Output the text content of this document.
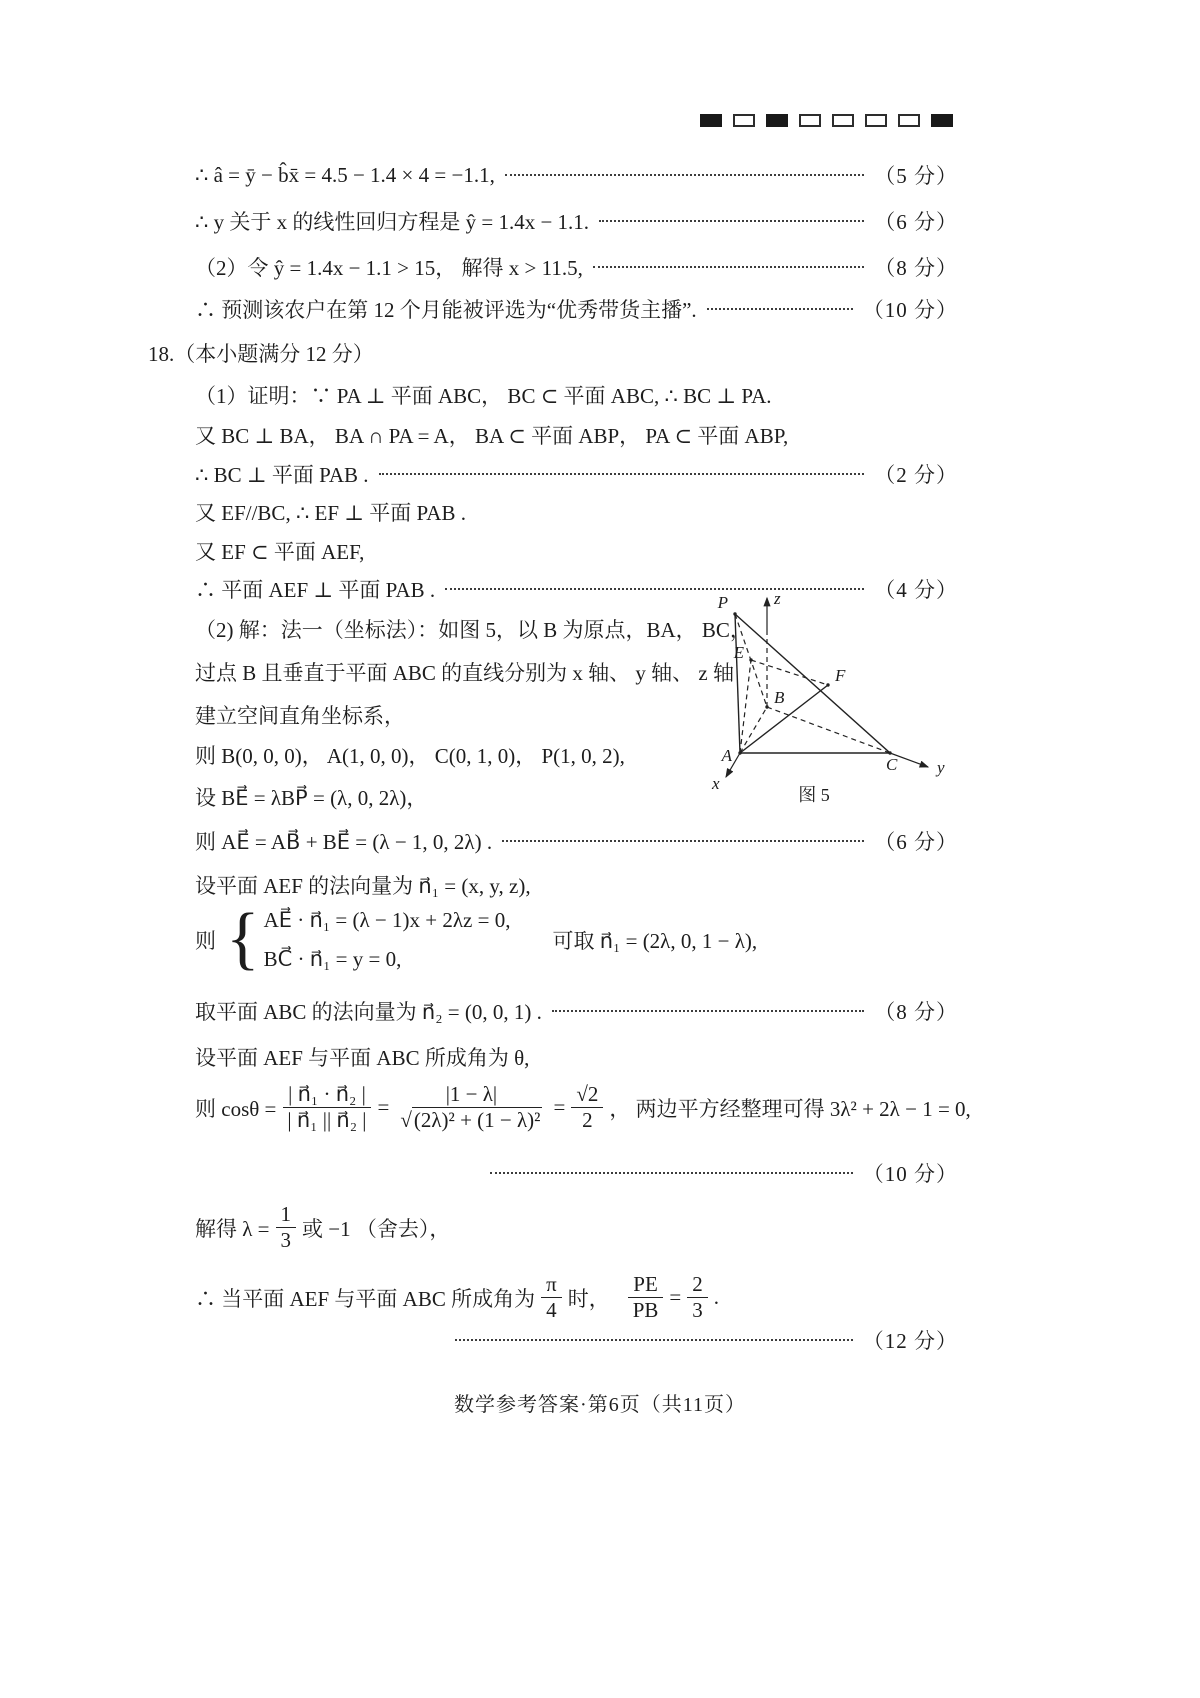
∴ â = ȳ − b̂x̄ = 4.5 − 1.4 × 4 = −1.1,	（5 分）
∴ y 关于 x 的线性回归方程是 ŷ = 1.4x − 1.1.	（6 分）
（2）令 ŷ = 1.4x − 1.1 > 15， 解得 x > 11.5,	（8 分）
∴ 预测该农户在第 12 个月能被评选为“优秀带货主播”.	（10 分）
18.（本小题满分 12 分）
（1）证明：∵ PA ⊥ 平面 ABC， BC ⊂ 平面 ABC, ∴ BC ⊥ PA.
又 BC ⊥ BA， BA ∩ PA = A， BA ⊂ 平面 ABP， PA ⊂ 平面 ABP,
∴ BC ⊥ 平面 PAB .	（2 分）
又 EF//BC, ∴ EF ⊥ 平面 PAB .
又 EF ⊂ 平面 AEF,
∴ 平面 AEF ⊥ 平面 PAB .	（4 分）
（2) 解：法一（坐标法）：如图 5，以 B 为原点，BA， BC，
过点 B 且垂直于平面 ABC 的直线分别为 x 轴、 y 轴、 z 轴
建立空间直角坐标系，
则 B(0, 0, 0)， A(1, 0, 0)， C(0, 1, 0)， P(1, 0, 2),
设 BE⃗ = λBP⃗ = (λ, 0, 2λ)，
则 AE⃗ = AB⃗ + BE⃗ = (λ − 1, 0, 2λ) .	（6 分）
设平面 AEF 的法向量为 n⃗₁ = (x, y, z),
则 { AE⃗ · n⃗₁ = (λ − 1)x + 2λz = 0,
BC⃗ · n⃗₁ = y = 0,
可取 n⃗₁ = (2λ, 0, 1 − λ),
取平面 ABC 的法向量为 n⃗₂ = (0, 0, 1) .	（8 分）
设平面 AEF 与平面 ABC 所成角为 θ,
则 $\cos\theta = \frac{\text{| n⃗₁ · n⃗₂ |}}{\text{| n⃗₁ || n⃗₂ |}} = \frac{|1 - \lambda|}{\text{√(2λ)² + (1 − λ)²}} = \frac{√2}{2}$ ， 两边平方经整理可得 3λ² + 2λ − 1 = 0,
（10 分）
解得 $\lambda = \frac{1}{3}$ 或 −1 （舍去），
∴ 当平面 AEF 与平面 ABC 所成角为 $\frac{\pi}{4}$ 时， $\frac{PE}{PB} = \frac{2}{3}$ .
（12 分）
P
E
B
F
A	C
z
y
x
图 5
数学参考答案·第6页（共11页）
